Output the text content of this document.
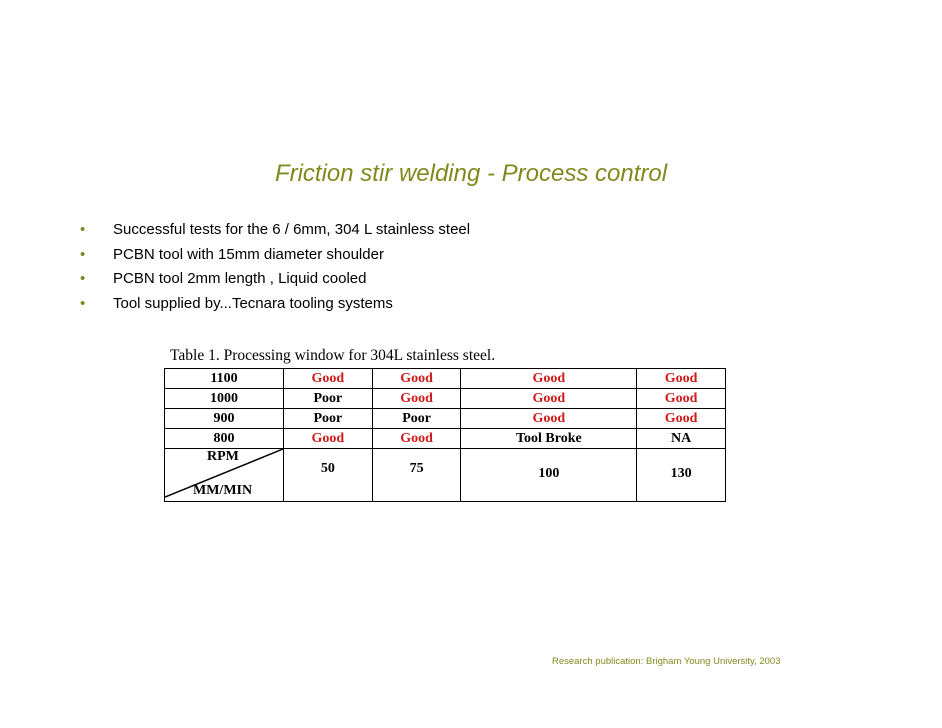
Friction stir welding - Process control
• Successful tests for the 6 / 6mm, 304 L stainless steel
• PCBN tool with 15mm diameter shoulder
• PCBN tool 2mm length , Liquid cooled
• Tool supplied by...Tecnara tooling systems
Table 1. Processing window for 304L stainless steel.
1100	Good	Good	Good	Good
1000	Poor	Good	Good	Good
900	Poor	Poor	Good	Good
800	Good	Good	Tool Broke	NA

RPM
MM/MIN	50	75	100	130
Research publication: Brigham Young University, 2003
